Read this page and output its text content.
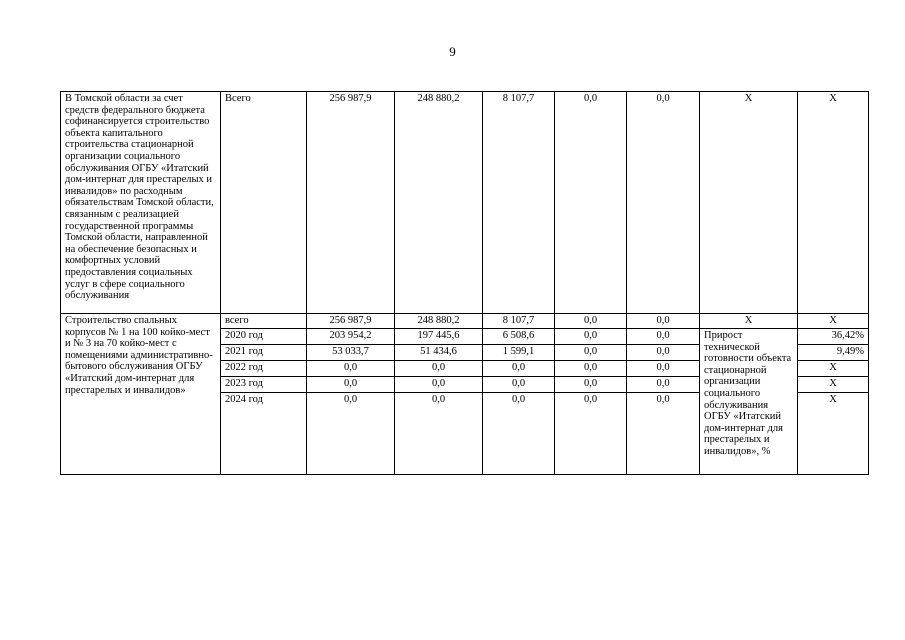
9
В Томской области за счет средств федерального бюджета софинансируется строительство объекта капитального строительства стационарной организации социального обслуживания ОГБУ «Итатский дом-интернат для престарелых и инвалидов» по расходным обязательствам Томской области, связанным с реализацией государственной программы Томской области, направленной на обеспечение безопасных и комфортных условий предоставления социальных услуг в сфере социального обслуживания	Всего	256 987,9	248 880,2	8 107,7	0,0	0,0	X	X
Строительство спальных корпусов № 1 на 100 койко-мест и № 3 на 70 койко-мест с помещениями административно-бытового обслуживания ОГБУ «Итатский дом-интернат для престарелых и инвалидов»	всего	256 987,9	248 880,2	8 107,7	0,0	0,0	X	X
	2020 год	203 954,2	197 445,6	6 508,6	0,0	0,0	Прирост технической готовности объекта стационарной организации социального обслуживания ОГБУ «Итатский дом-интернат для престарелых и инвалидов», %	36,42%
	2021 год	53 033,7	51 434,6	1 599,1	0,0	0,0		9,49%
	2022 год	0,0	0,0	0,0	0,0	0,0		X
	2023 год	0,0	0,0	0,0	0,0	0,0		X
	2024 год	0,0	0,0	0,0	0,0	0,0		X
